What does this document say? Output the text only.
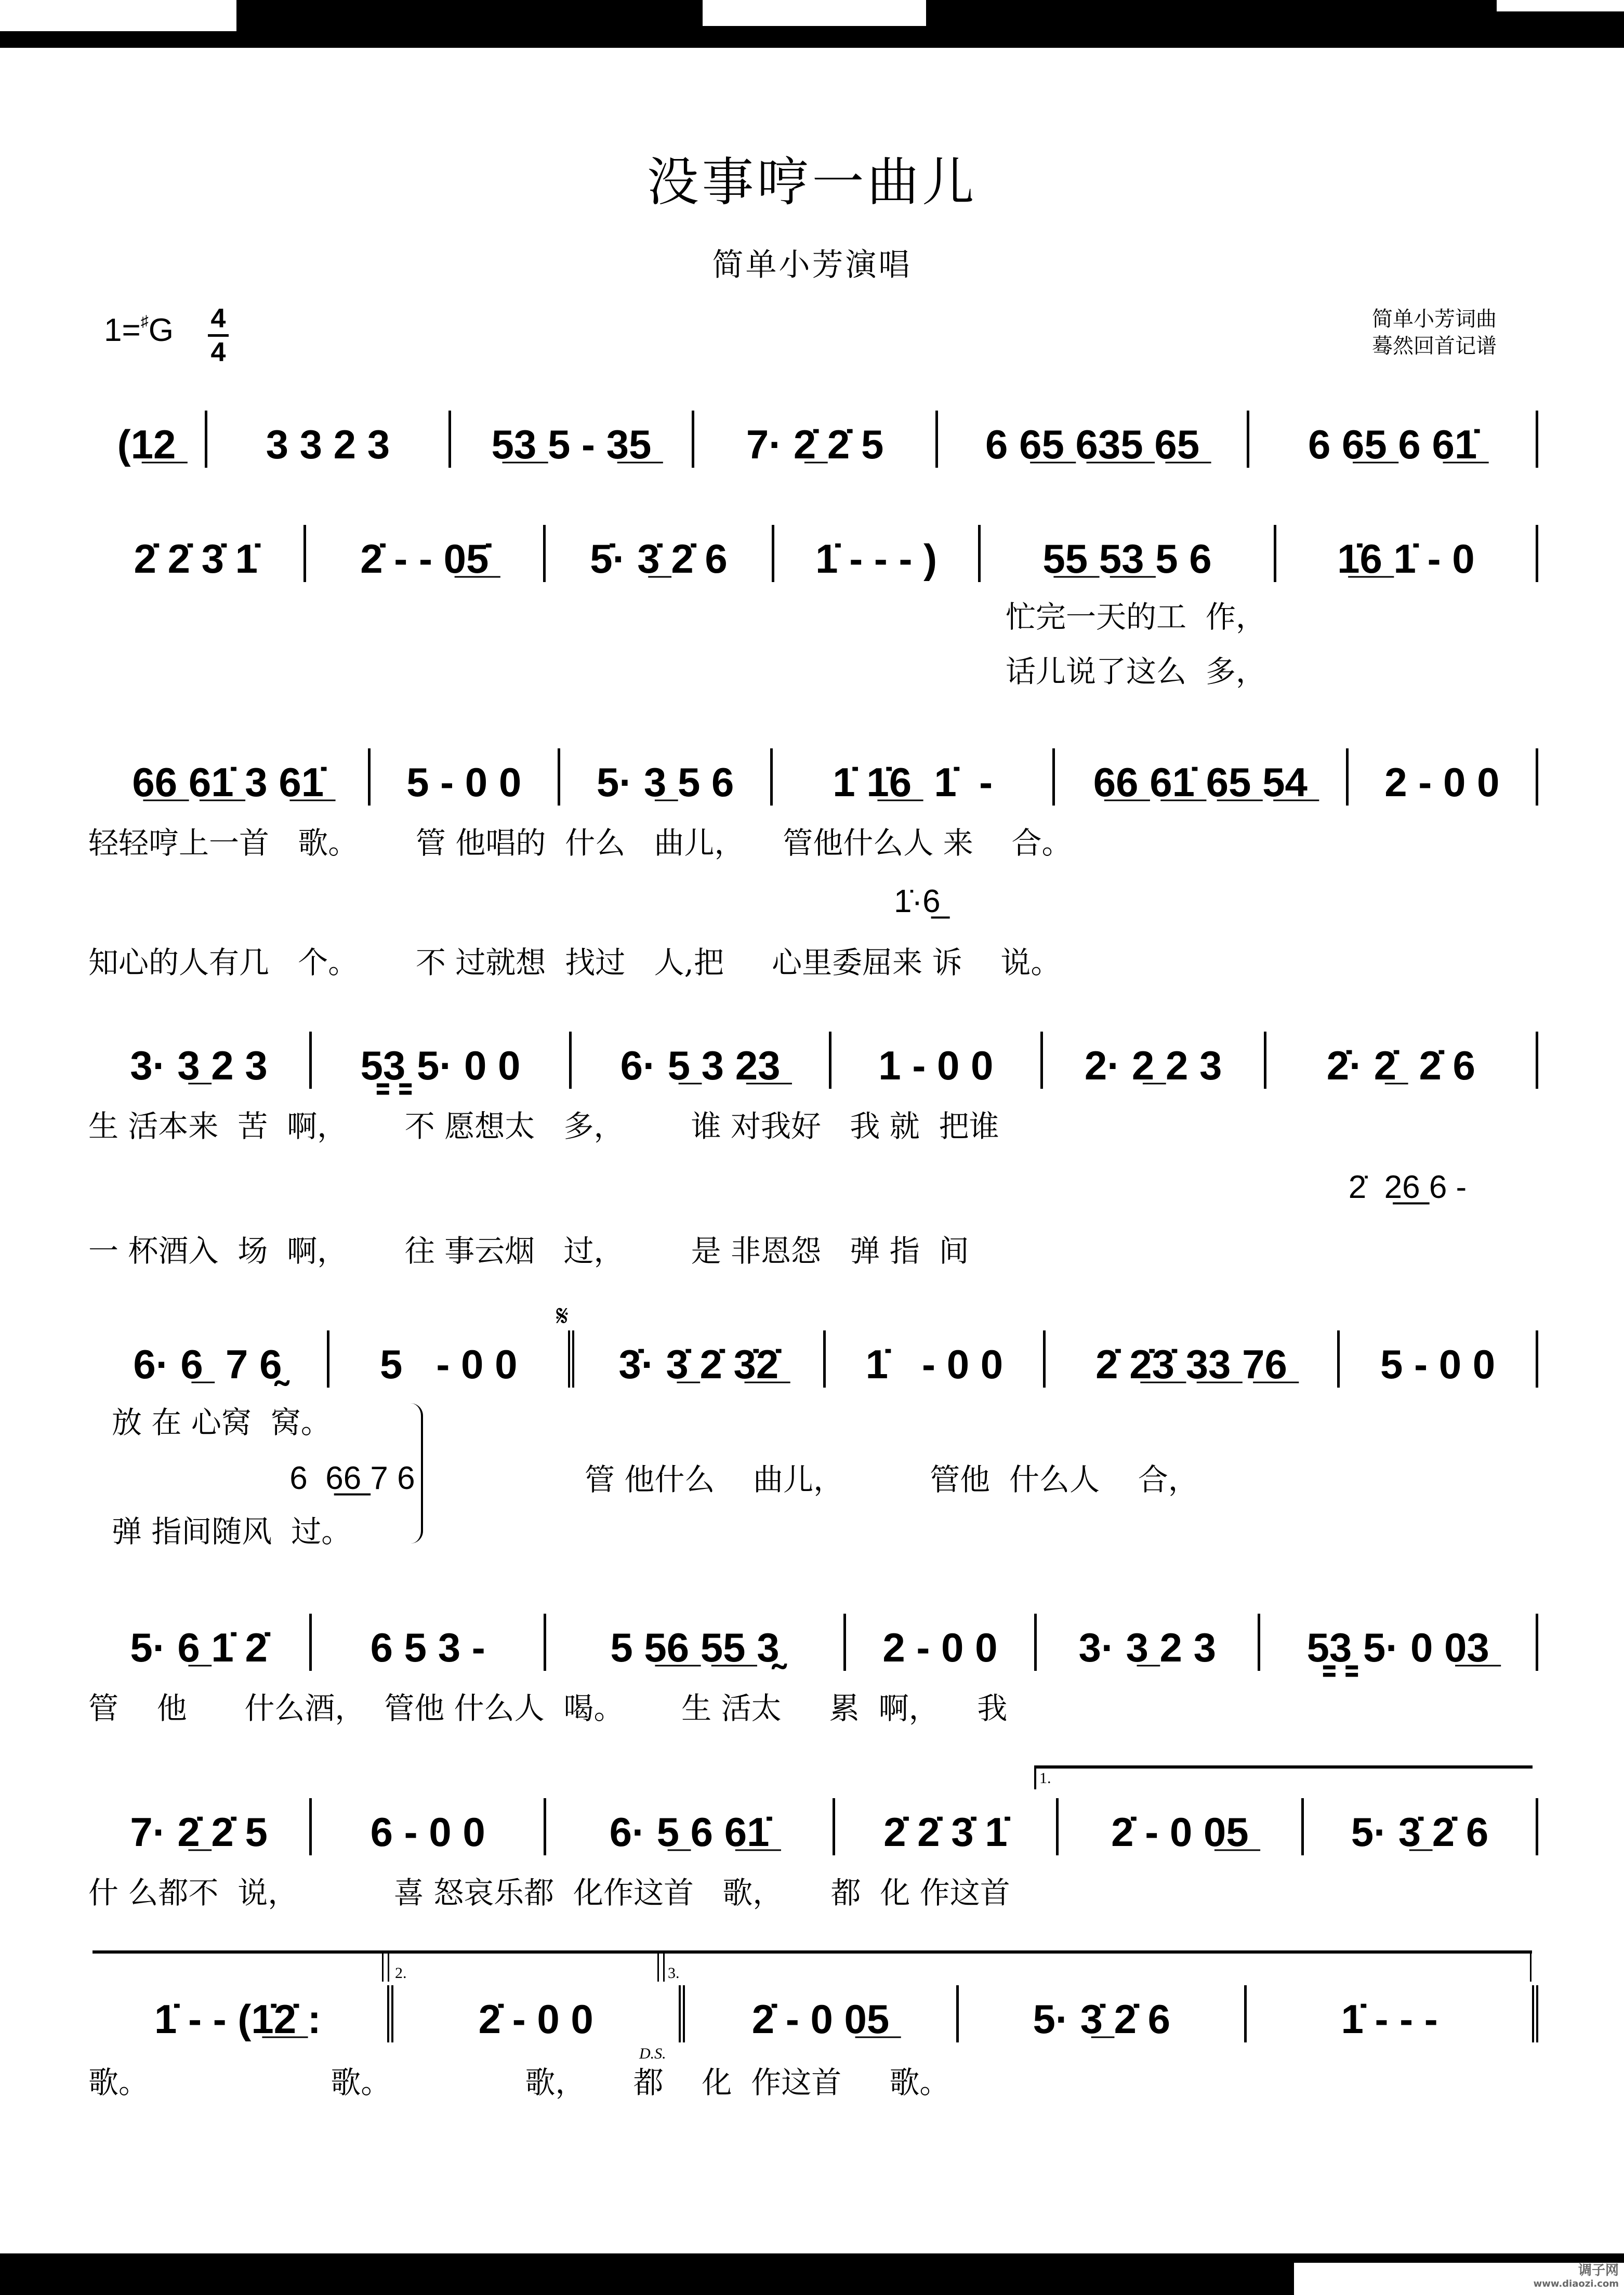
没事哼一曲儿
简单小芳演唱
1=♯G 4
4
简单小芳词曲
蓦然回首记谱
(1̲2̲ 3 3 2 3	5̲3̲ 5 - 3̲5̲ 7· 2̲̇ 2̇ 5	6 6̲5̲ 6̲3̲5̲ 6̲5̲	6 6̲5̲ 6 6̲1̲̇
2̇ 2̇ 3̇ 1̇	2̇ - - 0̲5̲̇ 5̇· 3̲̇ 2̇ 6 1̇ - - - )	5̲5̲ 5̲3̲ 5 6	1̲̇6̲ 1̇ - 0
忙完一天的工  作，
话儿说了这么  多，
6̲6̲ 6̲1̲̇ 3 6̲1̲̇ 5 - 0 0 5· 3̲ 5 6 1̇ 1̲̇6̲  1̇  - 6̲6̲ 6̲1̲̇ 6̲5̲ 5̲4̲ 2 - 0 0
轻轻哼上一首   歌。      管 他唱的  什么   曲儿，    管他什么人 来    合。
1̇·6̲
知心的人有几   个。      不 过就想  找过   人,把     心里委屈来 诉    说。
3· 3̲ 2 3 5̳3̳ 5· 0 0 6· 5̲ 3 2̲3̲ 1 - 0 0 2· 2̲ 2 3	2̇· 2̲̇  2̇ 6
生 活本来  苦  啊，      不 愿想太   多，       谁 对我好   我 就  把谁
2̇  2̲6̲ 6 -
一 杯酒入  场  啊，      往 事云烟   过，       是 非恩怨   弹 指  间
𝄋
6· 6̲  7 6̰ 5   - 0 0 3̇· 3̲̇ 2̇ 3̲̇2̲̇ 1̇   - 0 0 2̇ 2̲̇3̲̇ 3̲3̲ 7̲6̲ 5 - 0 0
放 在 心窝  窝。
6  6̲6̲ 7 6
弹 指间随风  过。
管 他什么    曲儿，         管他  什么人    合，
5· 6̲ 1̇ 2̇	6 5 3 -	5 5̲6̲ 5̲5̲ 3̰	2 - 0 0 3· 3̲ 2 3 5̳3̳ 5· 0 0̲3̲
管    他      什么酒，  管他 什么人  喝。      生 活太     累  啊，    我
1.
7· 2̲̇ 2̇ 5	6 - 0 0	6· 5̲ 6 6̲1̲̇	2̇ 2̇ 3̇ 1̇	2̇ - 0 0̲5̲	5· 3̲̇ 2̇ 6
什 么都不  说，          喜 怒哀乐都  化作这首   歌，     都  化 作这首
2.	3.
1̇ - - (1̲̇2̲̇ :	2̇ - 0 0	2̇ - 0 0̲5̲	5· 3̲̇ 2̇ 6	1̇ - - -
D.S.
歌。                   歌。              歌，     都    化  作这首     歌。
调子网
www.diaozi.com
